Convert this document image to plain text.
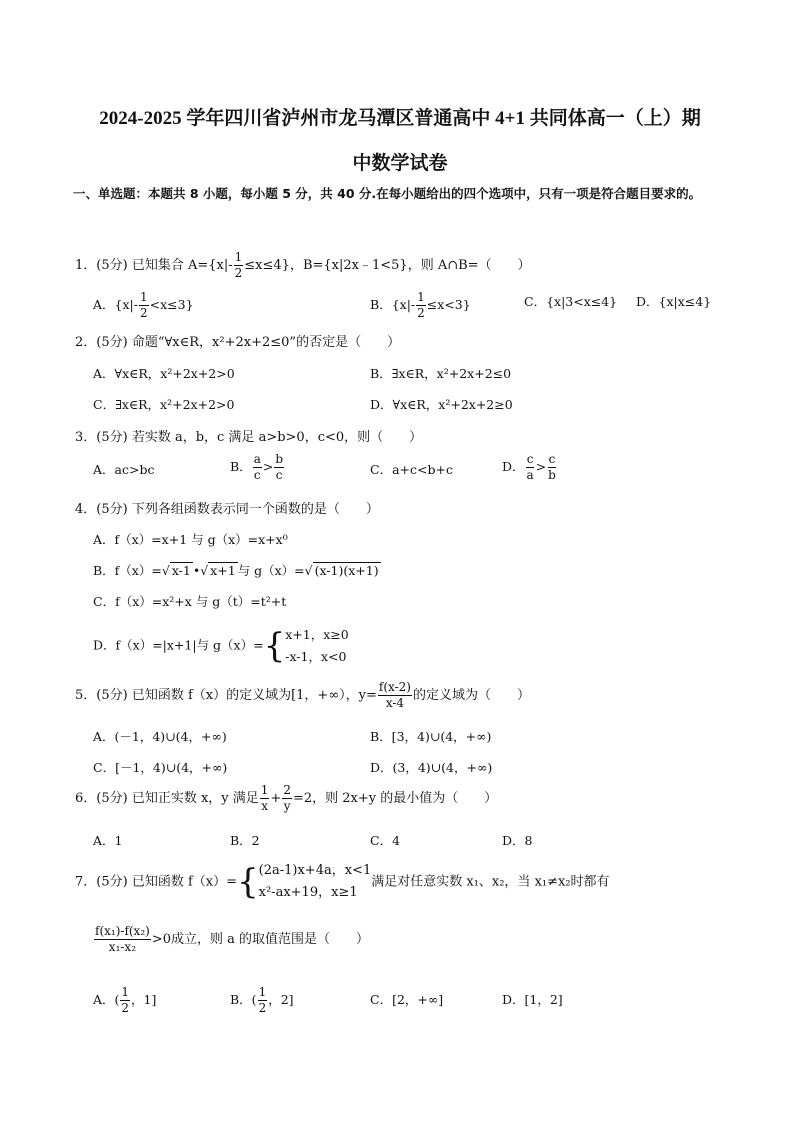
2024-2025 学年四川省泸州市龙马潭区普通高中 4+1 共同体高一（上）期
中数学试卷
一、单选题：本题共 8 小题，每小题 5 分，共 40 分.在每小题给出的四个选项中，只有一项是符合题目要求的。
1．(5分) 已知集合 $A=\{x|- \frac{1}{2} \le x\le 4\}$，B={x|2x﹣1<5}，则 A∩B=（　　）
A．$\{x|- \frac{1}{2} <x\le 3\}$	B．$\{x|- \frac{1}{2} \le x<3\}$	C．{x|3<x≤4} D．{x|x≤4}
2．(5分) 命题“∀x∈R，x²+2x+2≤0”的否定是（　　）
A．∀x∈R，x²+2x+2>0	B．∃x∈R，x²+2x+2≤0
C．∃x∈R，x²+2x+2>0	D．∀x∈R，x²+2x+2≥0
3．(5分) 若实数 a，b，c 满足 a>b>0，c<0，则（　　）
A．ac>bc	B． $\frac{a}{c} > \frac{b}{c}$	C．a+c<b+c	D． $\frac{c}{a} > \frac{c}{b}$
4．(5分) 下列各组函数表示同一个函数的是（　　）
A．f（x）=x+1 与 g（x）=x+x⁰
B．f（x）=√ x-1 •√ x+1 与 g（x）=√ (x-1)(x+1)
C．f（x）=x²+x 与 g（t）=t²+t
D．f（x）=|x+1|与 g（x）={ x+1，x≥0
-x-1，x<0
5．(5分) 已知函数 f（x）的定义域为[1，+∞），$y= \frac{f(x-2)}{x-4}$ 的定义域为（　　）
A．(－1，4)∪(4，+∞)	B．[3，4)∪(4，+∞)
C．[－1，4)∪(4，+∞)	D．(3，4)∪(4，+∞)
6．(5分) 已知正实数 x，y 满足 $\frac{1}{x} + \frac{2}{y} =2$，则 2x+y 的最小值为（　　）
A．1	B．2	C．4	D．8
7．(5分) 已知函数 f（x）={ (2a-1)x+4a，x<1
x²-ax+19，x≥1
满足对任意实数 x₁、x₂，当 x₁≠x₂时都有
$\frac{\text{f(x₁)-f(x₂)}}{\text{x₁-x₂}} >0$成立，则 a 的取值范围是（　　）
A．( $\frac{1}{2}$ ，1]	B．( $\frac{1}{2}$ ，2]	C．[2，+∞]	D．[1，2]
